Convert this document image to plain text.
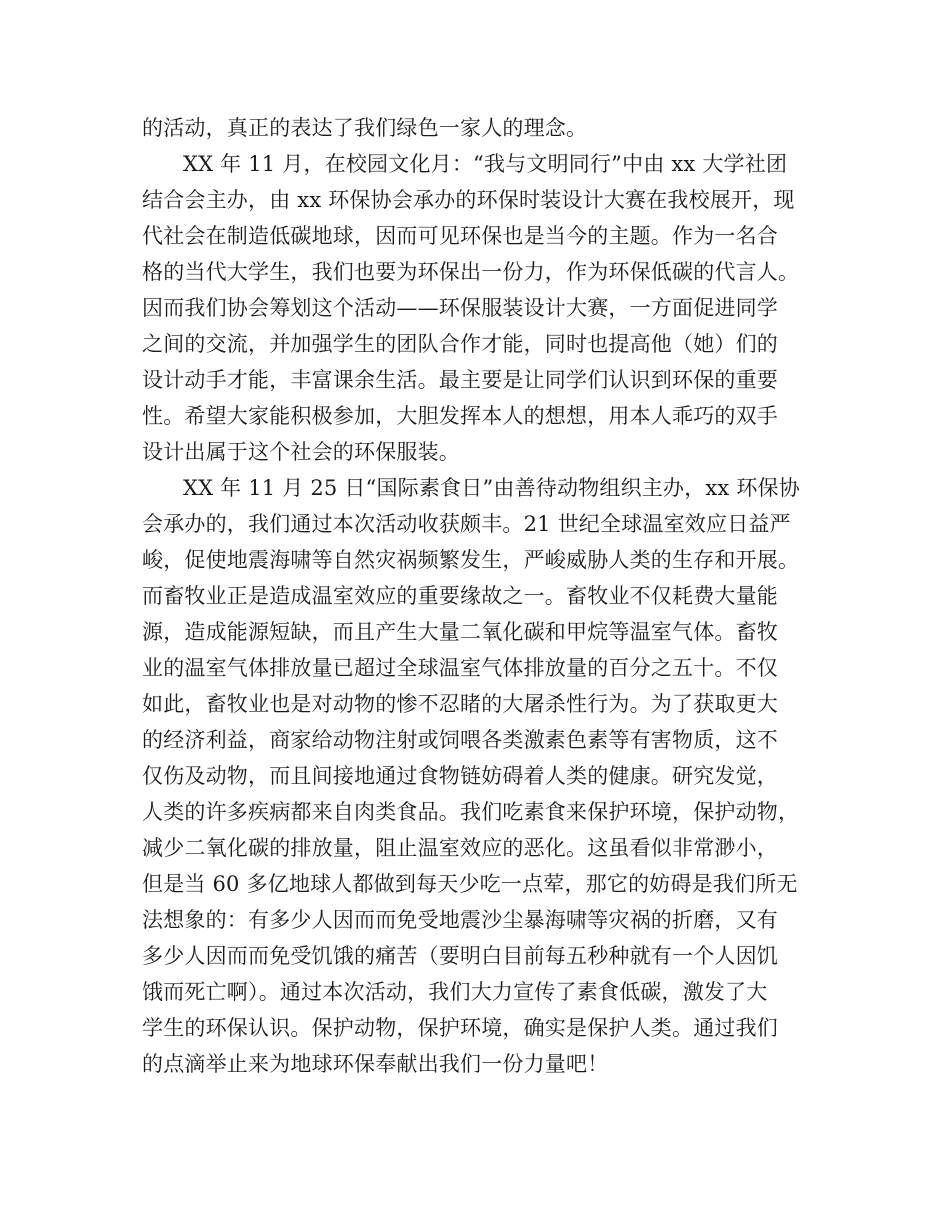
的活动，真正的表达了我们绿色一家人的理念。
XX 年 11 月，在校园文化月：“我与文明同行”中由 xx 大学社团
结合会主办，由 xx 环保协会承办的环保时装设计大赛在我校展开，现
代社会在制造低碳地球，因而可见环保也是当今的主题。作为一名合
格的当代大学生，我们也要为环保出一份力，作为环保低碳的代言人。
因而我们协会筹划这个活动——环保服装设计大赛，一方面促进同学
之间的交流，并加强学生的团队合作才能，同时也提高他（她）们的
设计动手才能，丰富课余生活。最主要是让同学们认识到环保的重要
性。希望大家能积极参加，大胆发挥本人的想想，用本人乖巧的双手
设计出属于这个社会的环保服装。
XX 年 11 月 25 日“国际素食日”由善待动物组织主办，xx 环保协
会承办的，我们通过本次活动收获颇丰。21 世纪全球温室效应日益严
峻，促使地震海啸等自然灾祸频繁发生，严峻威胁人类的生存和开展。
而畜牧业正是造成温室效应的重要缘故之一。畜牧业不仅耗费大量能
源，造成能源短缺，而且产生大量二氧化碳和甲烷等温室气体。畜牧
业的温室气体排放量已超过全球温室气体排放量的百分之五十。不仅
如此，畜牧业也是对动物的惨不忍睹的大屠杀性行为。为了获取更大
的经济利益，商家给动物注射或饲喂各类激素色素等有害物质，这不
仅伤及动物，而且间接地通过食物链妨碍着人类的健康。研究发觉，
人类的许多疾病都来自肉类食品。我们吃素食来保护环境，保护动物，
减少二氧化碳的排放量，阻止温室效应的恶化。这虽看似非常渺小，
但是当 60 多亿地球人都做到每天少吃一点荤，那它的妨碍是我们所无
法想象的：有多少人因而而免受地震沙尘暴海啸等灾祸的折磨，又有
多少人因而而免受饥饿的痛苦（要明白目前每五秒种就有一个人因饥
饿而死亡啊）。通过本次活动，我们大力宣传了素食低碳，激发了大
学生的环保认识。保护动物，保护环境，确实是保护人类。通过我们
的点滴举止来为地球环保奉献出我们一份力量吧！
